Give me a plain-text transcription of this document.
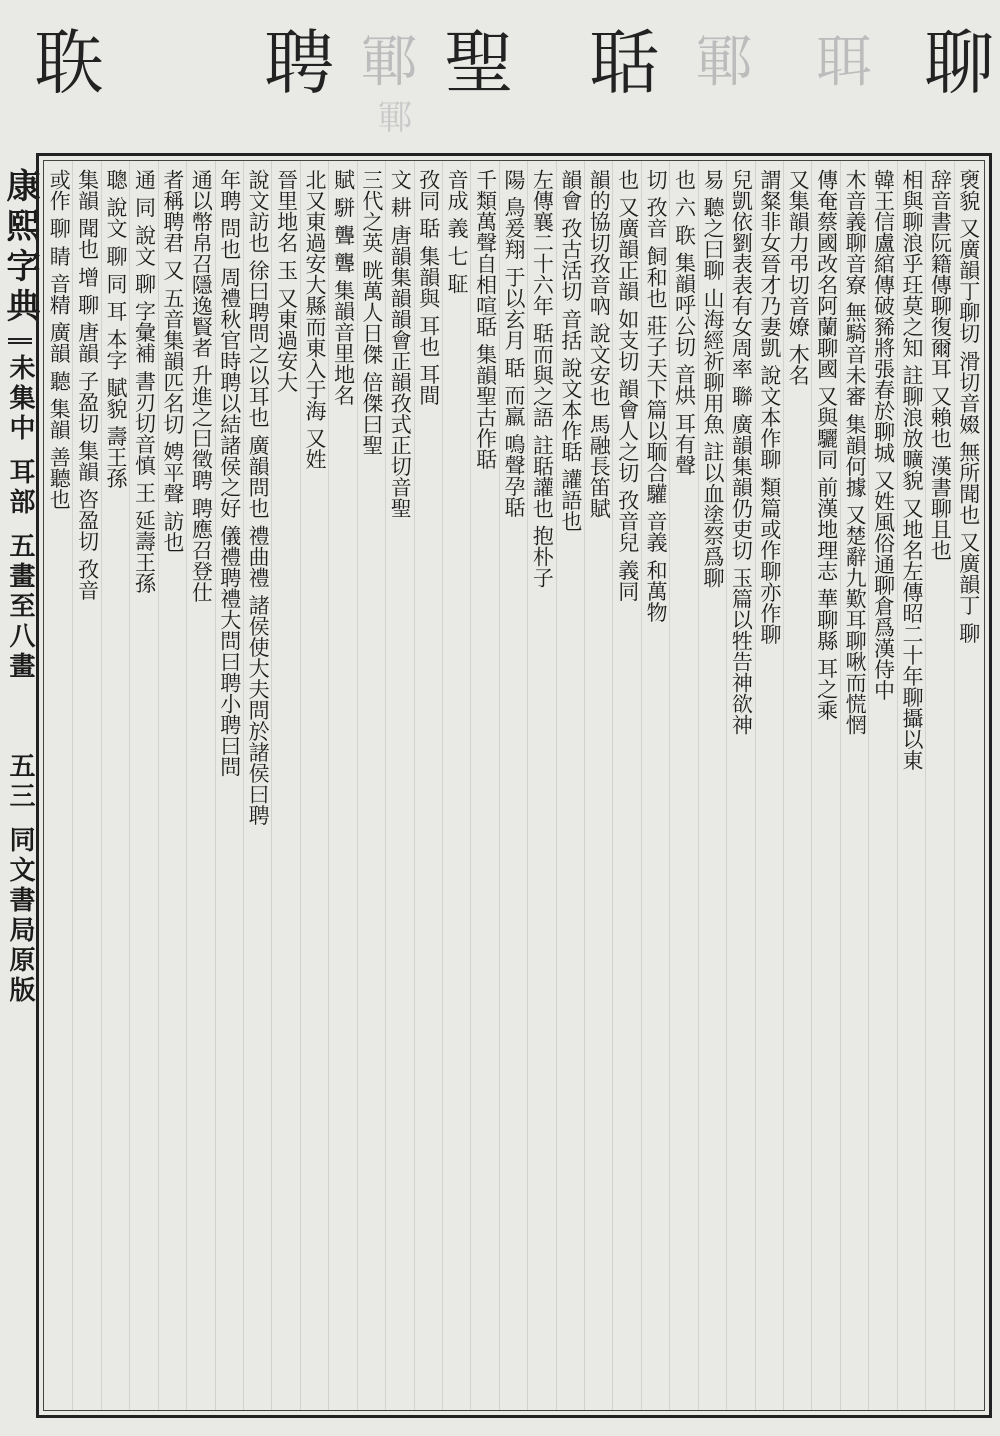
聅 聘 鄆
鄆
聖 聒 鄆 聑 聊
康熙字典
未集中
耳部
五畫至八畫
五三
同文書局原版
褏貌 又廣韻丁聊切 滑切音娺 無所聞也 又廣韻丁 聊
辞音書阮籍傳聊復爾耳 又賴也 漢書聊且也
相與聊浪乎玨莫之知 註聊浪放曠貌 又地名左傳昭二十年聊攝以東
韓王信盧綰傳破豨將張春於聊城 又姓風俗通聊倉爲漢侍中
木音義聊音寮 無騎音未審 集韻何據 又楚辭九歎耳聊啾而慌惘
傳奄蔡國改名阿蘭聊國 又與驪同 前漢地理志 華聊縣 耳之乘
又集韻力弔切音嫽 木名
謂粲非女晉才乃妻凱 說文本作聊 類篇或作聊亦作聊
兒凱依劉表表有女周率 聯 廣韻集韻仍吏切 玉篇以牲告神欲神
易 聽之曰聊 山海經祈聊用魚 註以血塗祭爲聊
也 六 聅 集韻呼公切 音烘 耳有聲
切 孜音 飼和也 莊子天下篇以聏合驩 音義 和萬物
也 又廣韻正韻 如支切 韻會人之切 孜音兒 義同
韻的協切孜音吶 說文安也 馬融長笛賦
韻會 孜古活切 音括 說文本作聒 讙語也
左傳襄二十六年 聒而與之語 註聒讙也 抱朴子
陽 鳥爰翔 于以玄月 聒 而羸 鳴聲孕聒
千類萬聲自相喧聒 集韻聖古作聒
音成 義 七 聇
孜同 聒 集韻與 耳也 耳間
文 耕 唐韻集韻韻會正韻孜式正切音聖
三代之英 晄萬人日傑 倍傑曰聖
賦 駢 聾 聾 集韻音里地名
北又東過安大縣而東入于海 又姓
晉里地名 玉 又東過安大
說文訪也 徐曰聘問之以耳也 廣韻問也 禮曲禮 諸侯使大夫問於諸侯曰聘
年聘 問也 周禮秋官時聘以結諸侯之好 儀禮聘禮大問曰聘小聘曰問
通以幣帛召隱逸賢者 升進之曰徵聘 聘應召登仕
者稱聘君 又 五音集韻匹名切 娉平聲 訪也
通 同 說文 聊 字彙補 書刃切音慎 王 延壽王孫
聰 說文 聊 同 耳 本字 賦貌 壽王孫
集韻 聞也 增 聊 唐韻 子盈切 集韻 咨盈切 孜音
或作 聊 睛 音精 廣韻 聽 集韻 善聽也
